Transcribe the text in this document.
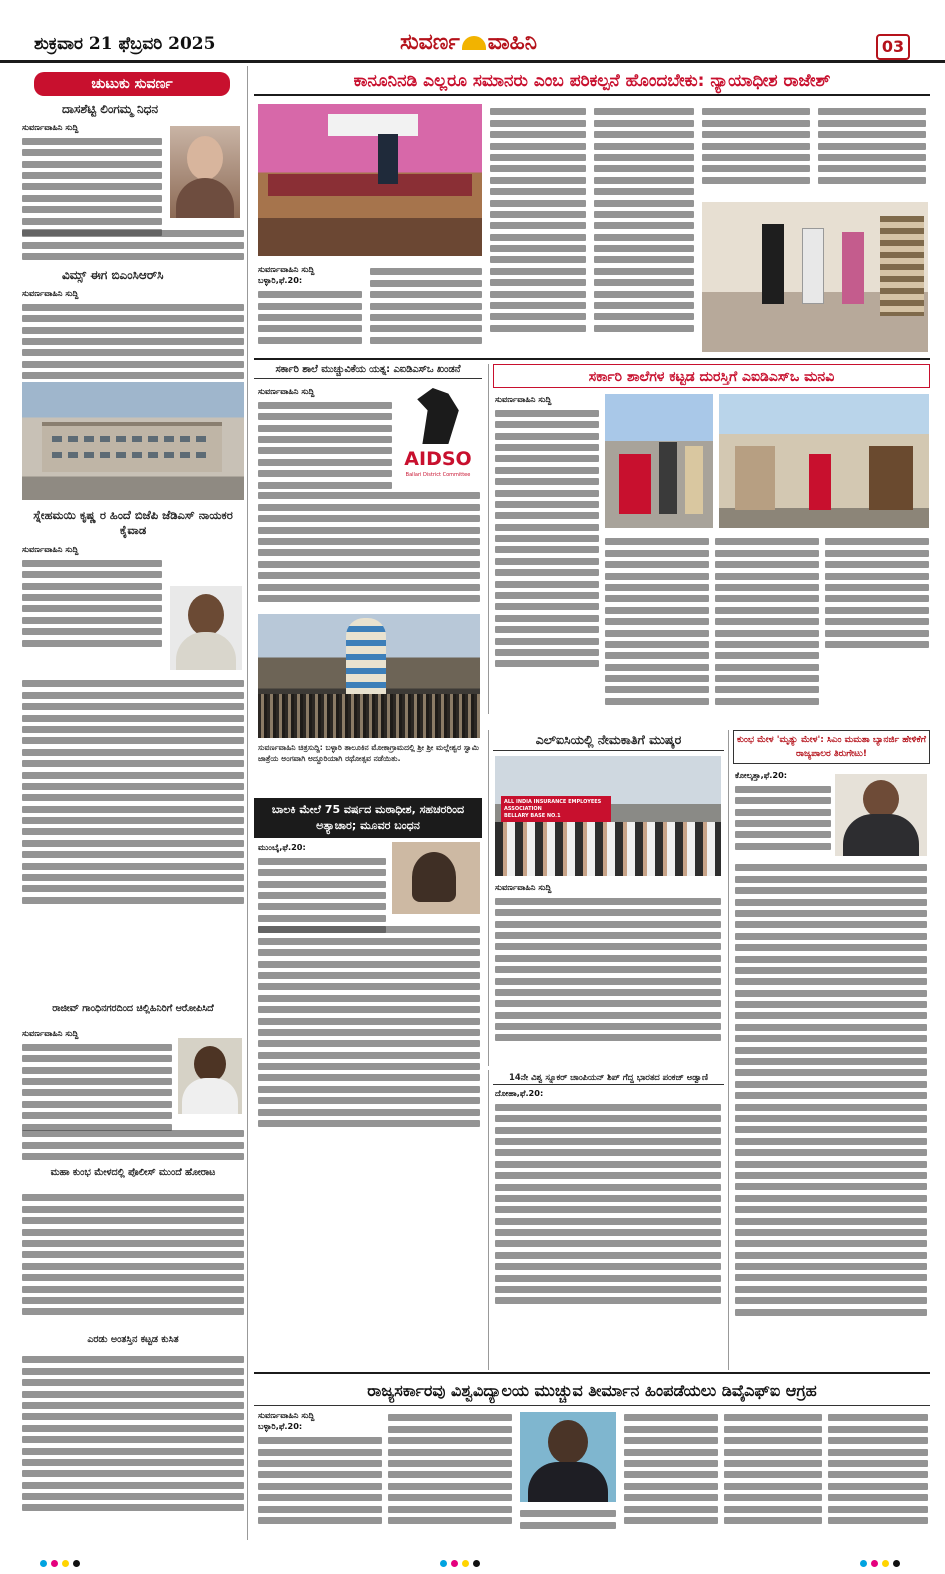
ಶುಕ್ರವಾರ 21 ಫೆಬ್ರವರಿ 2025	ಸುವರ್ಣ ವಾಹಿನಿ	03
ಚುಟುಕು ಸುವರ್ಣ
ದಾಸಶೆಟ್ಟಿ ಲಿಂಗಮ್ಮ ನಿಧನ
ಸುವರ್ಣವಾಹಿನಿ ಸುದ್ದಿ
ವಿಮ್ಸ್ ಈಗ ಬಿಎಂಸಿಆರ್‌ಸಿ
ಸುವರ್ಣವಾಹಿನಿ ಸುದ್ದಿ
ಸ್ನೇಹಮಯಿ ಕೃಷ್ಣ ರ ಹಿಂದೆ ಬಿಜೆಪಿ ಜೆಡಿಎಸ್ ನಾಯಕರ ಕೈವಾಡ
ಸುವರ್ಣವಾಹಿನಿ ಸುದ್ದಿ
ರಾಜೀವ್ ಗಾಂಧಿನಗರದಿಂದ ಚಿಲ್ಲಿಹಿನಿರಿಗೆ ಆರೋಪಿಸಿದೆ
ಸುವರ್ಣವಾಹಿನಿ ಸುದ್ದಿ
ಮಹಾ ಕುಂಭ ಮೇಳದಲ್ಲಿ ಪೊಲೀಸ್ ಮುಂದೆ ಹೋರಾಟ
ಎರಡು ಅಂತಸ್ತಿನ ಕಟ್ಟಡ ಕುಸಿತ
ಕಾನೂನಿನಡಿ ಎಲ್ಲರೂ ಸಮಾನರು ಎಂಬ ಪರಿಕಲ್ಪನೆ ಹೊಂದಬೇಕು: ನ್ಯಾಯಾಧೀಶ ರಾಜೇಶ್
ಸುವರ್ಣವಾಹಿನಿ ಸುದ್ದಿ
ಬಳ್ಳಾರಿ,ಫೆ.20:
ಸರ್ಕಾರಿ ಶಾಲೆ ಮುಚ್ಚುವಿಕೆಯ ಯತ್ನ: ಎಐಡಿಎಸ್‌ಒ ಖಂಡನೆ
ಸುವರ್ಣವಾಹಿನಿ ಸುದ್ದಿ
AIDSO
Ballari District Committee
ಸರ್ಕಾರಿ ಶಾಲೆಗಳ ಕಟ್ಟಡ ದುರಸ್ತಿಗೆ ಎಐಡಿಎಸ್‌ಒ ಮನವಿ
ಸುವರ್ಣವಾಹಿನಿ ಸುದ್ದಿ
ಸುವರ್ಣವಾಹಿನಿ ಚಿತ್ರಸುದ್ದಿ: ಬಳ್ಳಾರಿ ತಾಲೂಕಿನ ಮೋಕಾಗ್ರಾಮದಲ್ಲಿ ಶ್ರೀ ಶ್ರೀ ಮಲ್ಲೇಶ್ವರ ಸ್ವಾಮಿ ಜಾತ್ರೆಯ ಅಂಗವಾಗಿ ಅದ್ದೂರಿಯಾಗಿ ರಥೋತ್ಸವ ನಡೆಯಿತು.
ಬಾಲಕಿ ಮೇಲೆ 75 ವರ್ಷದ ಮಠಾಧೀಶ, ಸಹಚರರಿಂದ ಅತ್ಯಾಚಾರ; ಮೂವರ ಬಂಧನ
ಮುಂಬೈ,ಫೆ.20:
ಎಲ್ಐಸಿಯಲ್ಲಿ ನೇಮಕಾತಿಗೆ ಮುಷ್ಕರ
ALL INDIA INSURANCE EMPLOYEES ASSOCIATION
BELLARY BASE NO.1
ಸುವರ್ಣವಾಹಿನಿ ಸುದ್ದಿ
ಕುಂಭ ಮೇಳ 'ಮೃತ್ಯು ಮೇಳ': ಸಿಎಂ ಮಮತಾ ಬ್ಯಾನರ್ಜಿ ಹೇಳಿಕೆಗೆ ರಾಜ್ಯಪಾಲರ ತಿರುಗೇಟು!
ಕೋಲ್ಕತ್ತಾ,ಫೆ.20:
14ನೇ ವಿಶ್ವ ಸ್ನೂಕರ್ ಚಾಂಪಿಯನ್ ಶಿಪ್ ಗೆದ್ದ ಭಾರತದ ಪಂಕಜ್ ಅಡ್ವಾಣಿ
ದೋಹಾ,ಫೆ.20:
ರಾಜ್ಯಸರ್ಕಾರವು ವಿಶ್ವವಿದ್ಯಾಲಯ ಮುಚ್ಚುವ ತೀರ್ಮಾನ ಹಿಂಪಡೆಯಲು ಡಿವೈಎಫ್ಐ ಆಗ್ರಹ
ಸುವರ್ಣವಾಹಿನಿ ಸುದ್ದಿ
ಬಳ್ಳಾರಿ,ಫೆ.20:
